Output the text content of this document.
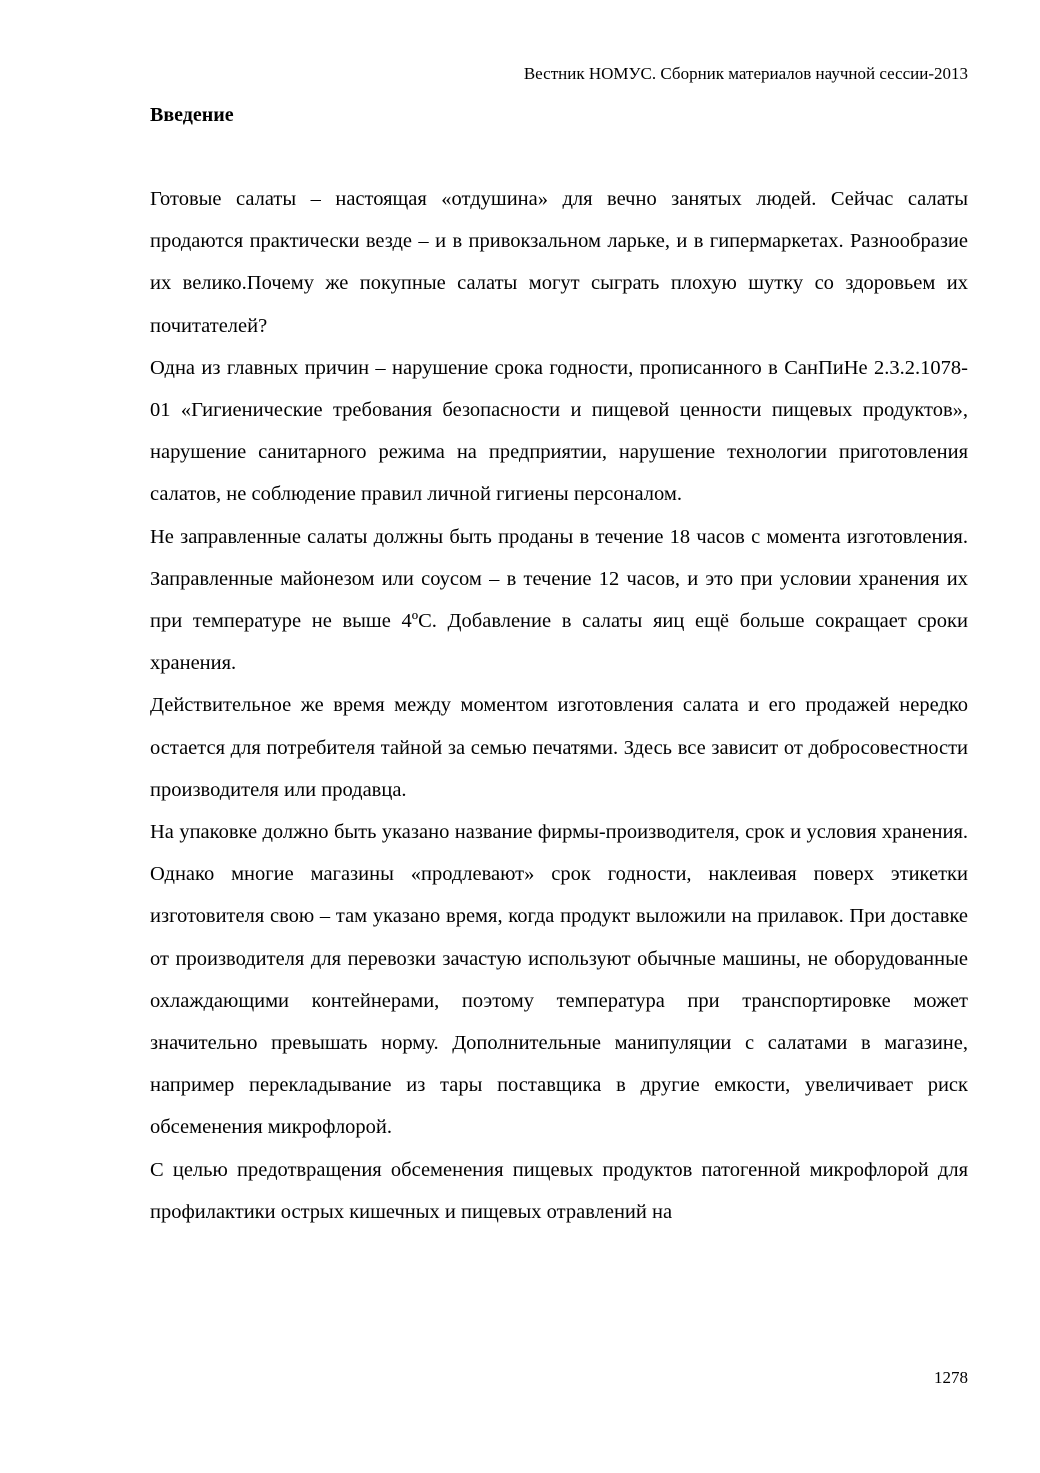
Вестник НОМУС. Сборник материалов научной сессии-2013
Введение

Готовые салаты – настоящая «отдушина» для вечно занятых людей. Сейчас салаты продаются практически везде – и в привокзальном ларьке, и в гипермаркетах. Разнообразие их велико.Почему же покупные салаты могут сыграть плохую шутку со здоровьем их почитателей?

Одна из главных причин – нарушение срока годности, прописанного в СанПиНе 2.3.2.1078-01 «Гигиенические требования безопасности и пищевой ценности пищевых продуктов», нарушение санитарного режима на предприятии, нарушение технологии приготовления салатов, не соблюдение правил личной гигиены персоналом.

Не заправленные салаты должны быть проданы в течение 18 часов с момента изготовления. Заправленные майонезом или соусом – в течение 12 часов, и это при условии хранения их при температуре не выше 4ºС. Добавление в салаты яиц ещё больше сокращает сроки хранения.

Действительное же время между моментом изготовления салата и его продажей нередко остается для потребителя тайной за семью печатями. Здесь все зависит от добросовестности производителя или продавца.

На упаковке должно быть указано название фирмы-производителя, срок и условия хранения. Однако многие магазины «продлевают» срок годности, наклеивая поверх этикетки изготовителя свою – там указано время, когда продукт выложили на прилавок. При доставке от производителя для перевозки зачастую используют обычные машины, не оборудованные охлаждающими контейнерами, поэтому температура при транспортировке может значительно превышать норму. Дополнительные манипуляции с салатами в магазине, например перекладывание из тары поставщика в другие емкости, увеличивает риск обсеменения микрофлорой.

С целью предотвращения обсеменения пищевых продуктов патогенной микрофлорой для профилактики острых кишечных и пищевых отравлений на

1278
